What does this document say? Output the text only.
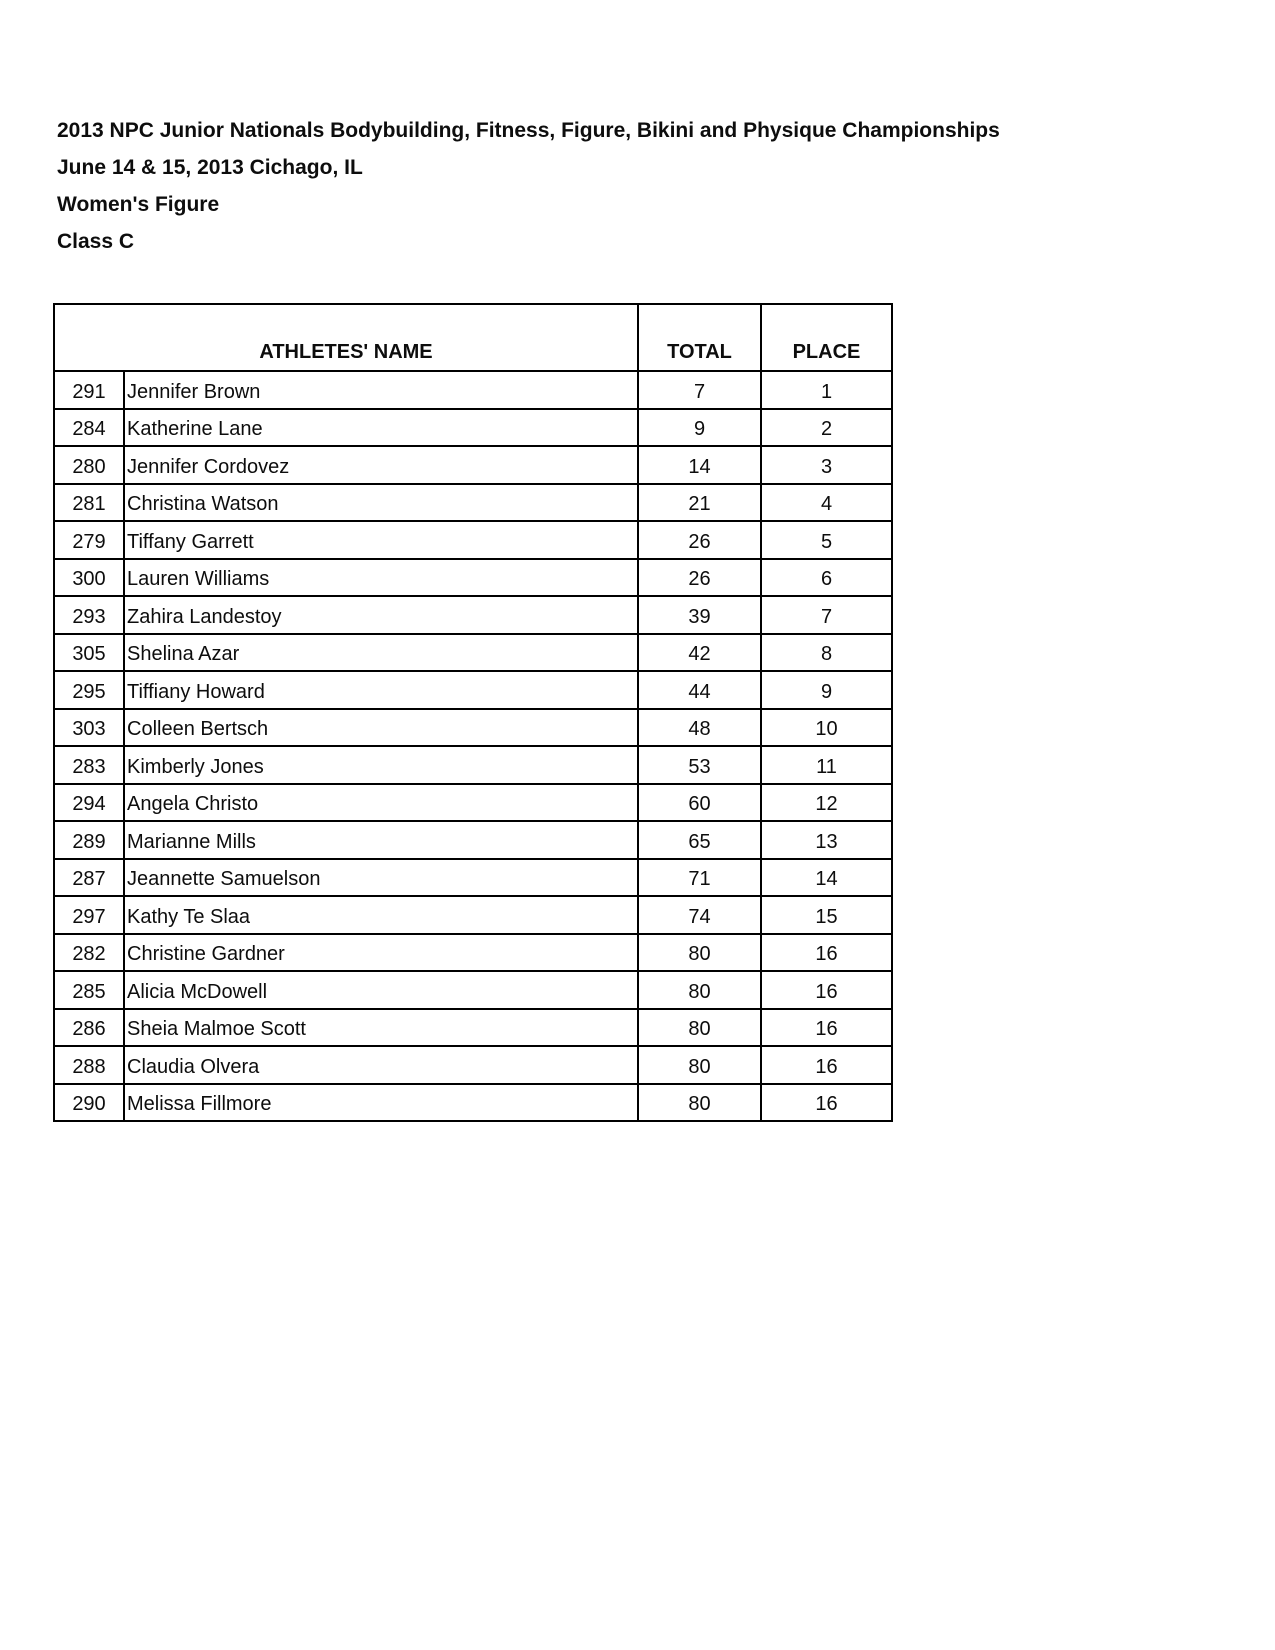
2013 NPC Junior Nationals Bodybuilding, Fitness, Figure, Bikini and Physique Championships
June 14 & 15, 2013 Cichago, IL
Women's Figure
Class C
ATHLETES' NAME		TOTAL	PLACE
291	Jennifer Brown	7	1
284	Katherine Lane	9	2
280	Jennifer Cordovez	14	3
281	Christina Watson	21	4
279	Tiffany Garrett	26	5
300	Lauren Williams	26	6
293	Zahira Landestoy	39	7
305	Shelina Azar	42	8
295	Tiffiany Howard	44	9
303	Colleen Bertsch	48	10
283	Kimberly Jones	53	11
294	Angela Christo	60	12
289	Marianne Mills	65	13
287	Jeannette Samuelson	71	14
297	Kathy Te Slaa	74	15
282	Christine Gardner	80	16
285	Alicia McDowell	80	16
286	Sheia Malmoe Scott	80	16
288	Claudia Olvera	80	16
290	Melissa Fillmore	80	16
